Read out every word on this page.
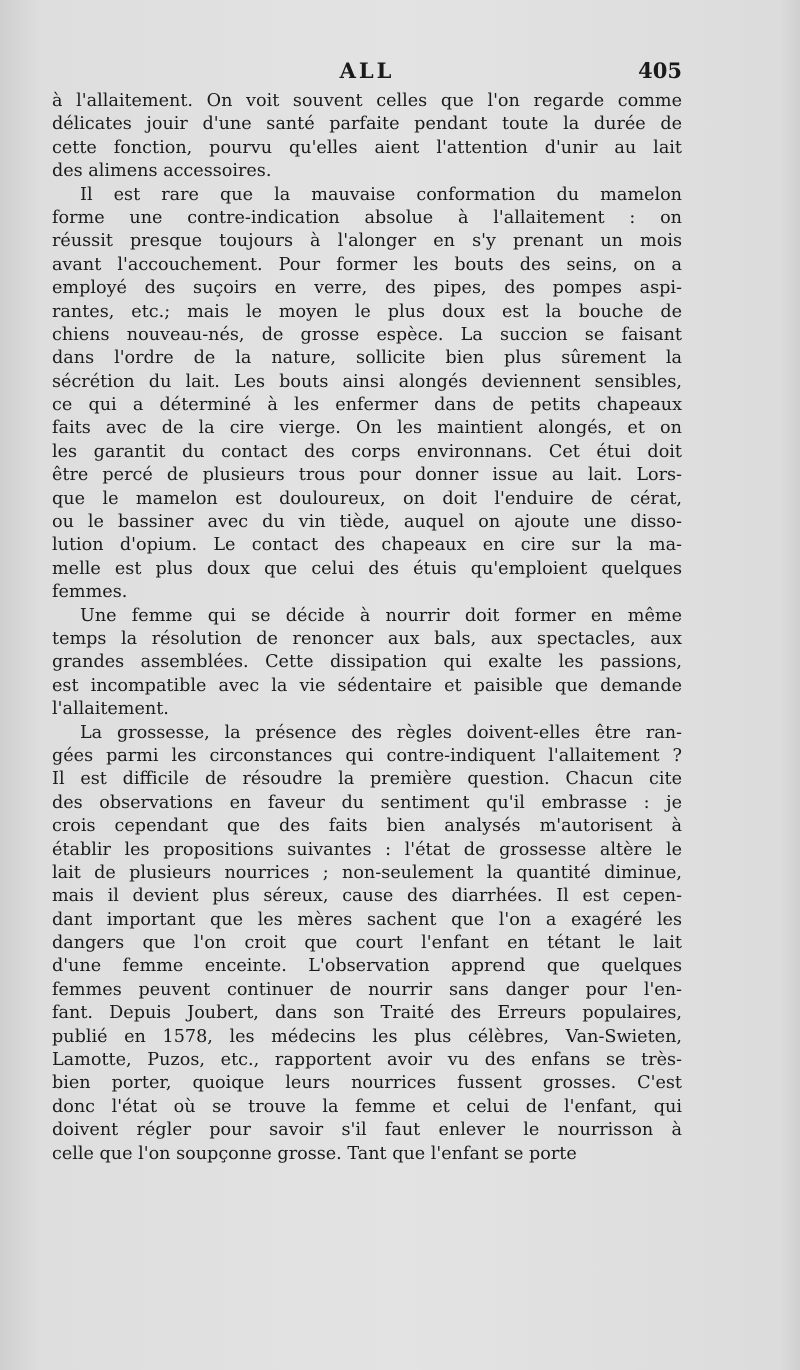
ALL	405
à l'allaitement. On voit souvent celles que l'on regarde comme
délicates jouir d'une santé parfaite pendant toute la durée de
cette fonction, pourvu qu'elles aient l'attention d'unir au lait
des alimens accessoires.
Il est rare que la mauvaise conformation du mamelon
forme une contre-indication absolue à l'allaitement : on
réussit presque toujours à l'alonger en s'y prenant un mois
avant l'accouchement. Pour former les bouts des seins, on a
employé des suçoirs en verre, des pipes, des pompes aspi-
rantes, etc.; mais le moyen le plus doux est la bouche de
chiens nouveau-nés, de grosse espèce. La succion se faisant
dans l'ordre de la nature, sollicite bien plus sûrement la
sécrétion du lait. Les bouts ainsi alongés deviennent sensibles,
ce qui a déterminé à les enfermer dans de petits chapeaux
faits avec de la cire vierge. On les maintient alongés, et on
les garantit du contact des corps environnans. Cet étui doit
être percé de plusieurs trous pour donner issue au lait. Lors-
que le mamelon est douloureux, on doit l'enduire de cérat,
ou le bassiner avec du vin tiède, auquel on ajoute une disso-
lution d'opium. Le contact des chapeaux en cire sur la ma-
melle est plus doux que celui des étuis qu'emploient quelques
femmes.
Une femme qui se décide à nourrir doit former en même
temps la résolution de renoncer aux bals, aux spectacles, aux
grandes assemblées. Cette dissipation qui exalte les passions,
est incompatible avec la vie sédentaire et paisible que demande
l'allaitement.
La grossesse, la présence des règles doivent-elles être ran-
gées parmi les circonstances qui contre-indiquent l'allaitement ?
Il est difficile de résoudre la première question. Chacun cite
des observations en faveur du sentiment qu'il embrasse : je
crois cependant que des faits bien analysés m'autorisent à
établir les propositions suivantes : l'état de grossesse altère le
lait de plusieurs nourrices ; non-seulement la quantité diminue,
mais il devient plus séreux, cause des diarrhées. Il est cepen-
dant important que les mères sachent que l'on a exagéré les
dangers que l'on croit que court l'enfant en tétant le lait
d'une femme enceinte. L'observation apprend que quelques
femmes peuvent continuer de nourrir sans danger pour l'en-
fant. Depuis Joubert, dans son Traité des Erreurs populaires,
publié en 1578, les médecins les plus célèbres, Van-Swieten,
Lamotte, Puzos, etc., rapportent avoir vu des enfans se très-
bien porter, quoique leurs nourrices fussent grosses. C'est
donc l'état où se trouve la femme et celui de l'enfant, qui
doivent régler pour savoir s'il faut enlever le nourrisson à
celle que l'on soupçonne grosse. Tant que l'enfant se porte
